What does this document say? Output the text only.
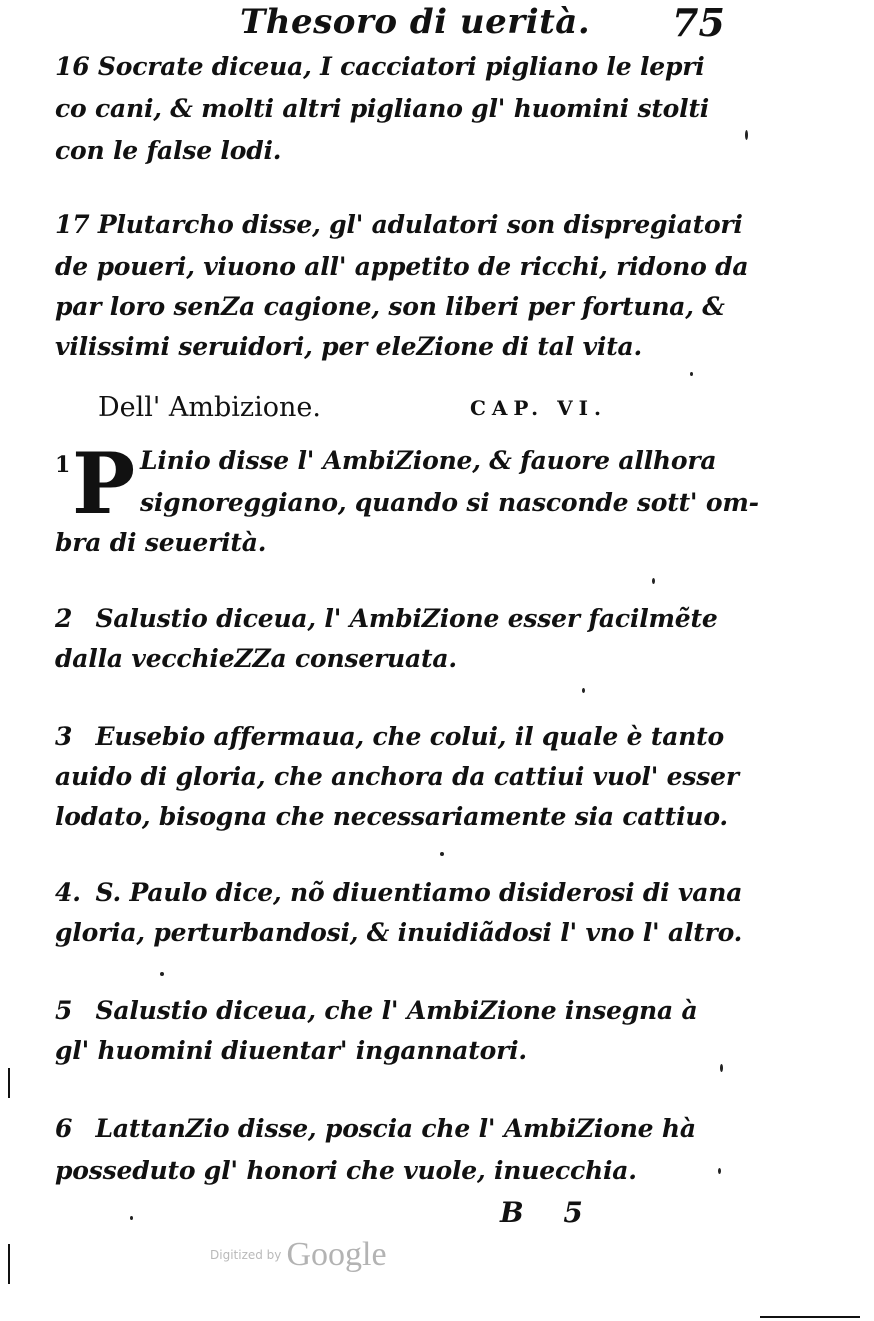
Thesoro di uerità. 75
16 Socrate diceua, I cacciatori pigliano le lepri
co cani, & molti altri pigliano gl' huomini stolti
con le false lodi.
17 Plutarcho disse, gl' adulatori son dispregiatori
de poueri, viuono all' appetito de ricchi, ridono da
par loro senZa cagione, son liberi per fortuna, &
vilissimi seruidori, per eleZione di tal vita.
Dell' Ambizione.	CAP. VI.
1 P Linio disse l' AmbiZione, & fauore allhora
signoreggiano, quando si nasconde sott' om-
bra di seuerità.
2 Salustio diceua, l' AmbiZione esser facilmẽte
dalla vecchieZZa conseruata.
3 Eusebio affermaua, che colui, il quale è tanto
auido di gloria, che anchora da cattiui vuol' esser
lodato, bisogna che necessariamente sia cattiuo.
4. S. Paulo dice, nõ diuentiamo disiderosi di vana
gloria, perturbandosi, & inuidiãdosi l' vno l' altro.
5 Salustio diceua, che l' AmbiZione insegna à
gl' huomini diuentar' ingannatori.
6 LattanZio disse, poscia che l' AmbiZione hà
posseduto gl' honori che vuole, inuecchia.
B 5
Digitized by Google
